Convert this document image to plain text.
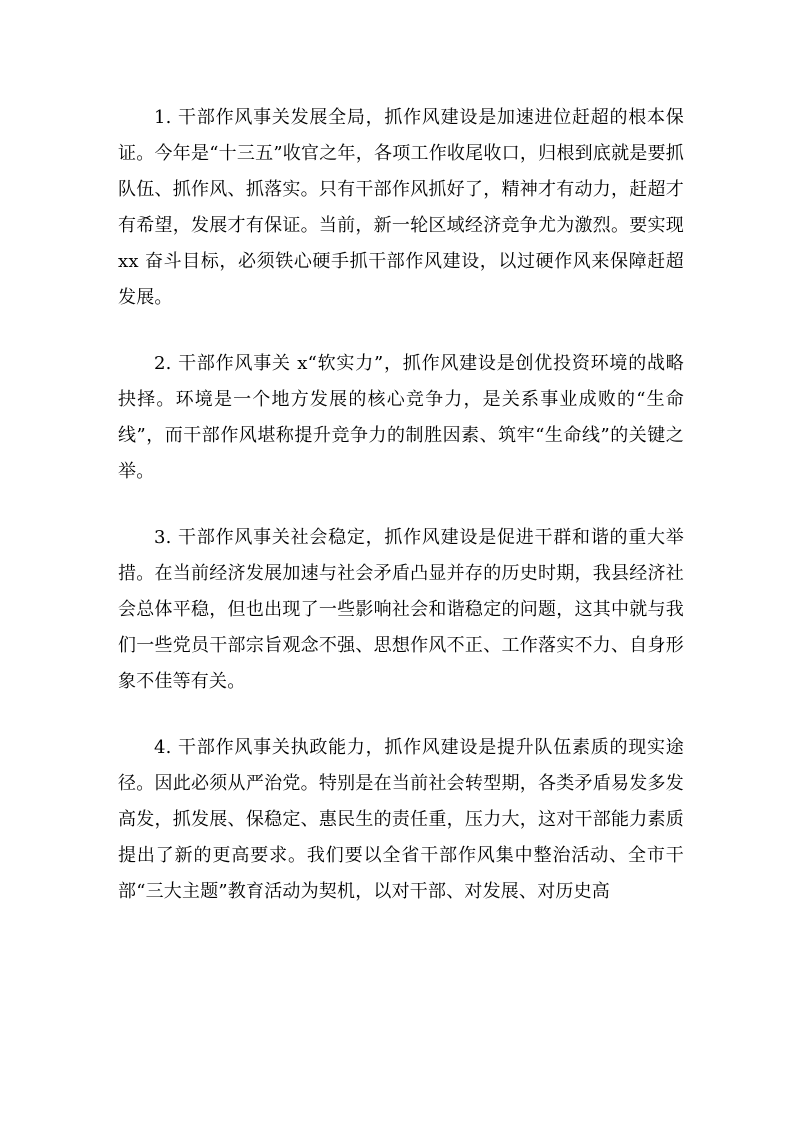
1. 干部作风事关发展全局，抓作风建设是加速进位赶超的根本保证。今年是“十三五”收官之年，各项工作收尾收口，归根到底就是要抓队伍、抓作风、抓落实。只有干部作风抓好了，精神才有动力，赶超才有希望，发展才有保证。当前，新一轮区域经济竞争尤为激烈。要实现 xx 奋斗目标，必须铁心硬手抓干部作风建设，以过硬作风来保障赶超发展。

2. 干部作风事关 x“软实力”，抓作风建设是创优投资环境的战略抉择。环境是一个地方发展的核心竞争力，是关系事业成败的“生命线”，而干部作风堪称提升竞争力的制胜因素、筑牢“生命线”的关键之举。

3. 干部作风事关社会稳定，抓作风建设是促进干群和谐的重大举措。在当前经济发展加速与社会矛盾凸显并存的历史时期，我县经济社会总体平稳，但也出现了一些影响社会和谐稳定的问题，这其中就与我们一些党员干部宗旨观念不强、思想作风不正、工作落实不力、自身形象不佳等有关。

4. 干部作风事关执政能力，抓作风建设是提升队伍素质的现实途径。因此必须从严治党。特别是在当前社会转型期，各类矛盾易发多发高发，抓发展、保稳定、惠民生的责任重，压力大，这对干部能力素质提出了新的更高要求。我们要以全省干部作风集中整治活动、全市干部“三大主题”教育活动为契机，以对干部、对发展、对历史高
